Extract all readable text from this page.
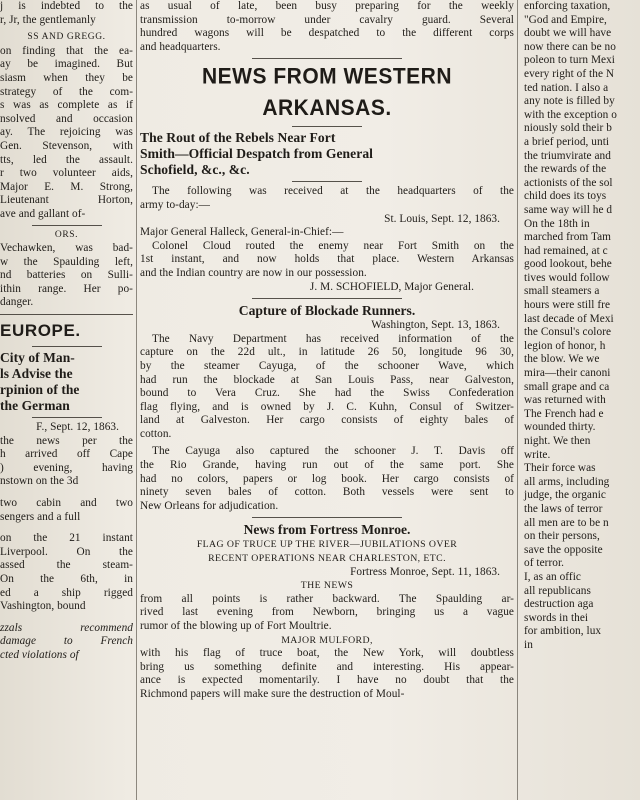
j is indebted to the
r, Jr, the gentlemanly
SS AND GREGG.
on finding that the ea-
ay be imagined. But
siasm when they be
strategy of the com-
s was as complete as if
nsolved and occasion
ay. The rejoicing was
Gen. Stevenson, with
tts, led the assault.
r two volunteer aids,
Major E. M. Strong,
Lieutenant Horton,
ave and gallant of-
ORS.
Vechawken, was bad-
w the Spaulding left,
nd batteries on Sulli-
ithin range. Her po-
danger.
EUROPE.
City of Man-
ls Advise the
rpinion of the
the German
F., Sept. 12, 1863.
the news per the
h arrived off Cape
) evening, having
nstown on the 3d
two cabin and two
sengers and a full
on the 21 instant
Liverpool. On the
assed the steam-
On the 6th, in
ed a ship rigged
Vashington, bound
zzals recommend
damage to French
cted violations of
as usual of late, been busy preparing for the weekly
transmission to-morrow under cavalry guard. Several
hundred wagons will be despatched to the different corps
and headquarters.
NEWS FROM WESTERN ARKANSAS.
The Rout of the Rebels Near Fort
Smith—Official Despatch from General
Schofield, &c., &c.
The following was received at the headquarters of the
army to-day:—
St. Louis, Sept. 12, 1863.
Major General Halleck, General-in-Chief:—
Colonel Cloud routed the enemy near Fort Smith on the
1st instant, and now holds that place. Western Arkansas
and the Indian country are now in our possession.
J. M. SCHOFIELD, Major General.
Capture of Blockade Runners.
Washington, Sept. 13, 1863.
The Navy Department has received information of the
capture on the 22d ult., in latitude 26 50, longitude 96 30,
by the steamer Cayuga, of the schooner Wave, which
had run the blockade at San Louis Pass, near Galveston,
bound to Vera Cruz. She had the Swiss Confederation
flag flying, and is owned by J. C. Kuhn, Consul of Switzer-
land at Galveston. Her cargo consists of eighty bales of
cotton.
The Cayuga also captured the schooner J. T. Davis off
the Rio Grande, having run out of the same port. She
had no colors, papers or log book. Her cargo consists of
ninety seven bales of cotton. Both vessels were sent to
New Orleans for adjudication.
News from Fortress Monroe.
FLAG OF TRUCE UP THE RIVER—JUBILATIONS OVER
RECENT OPERATIONS NEAR CHARLESTON, ETC.
Fortress Monroe, Sept. 11, 1863.
THE NEWS
from all points is rather backward. The Spaulding ar-
rived last evening from Newborn, bringing us a vague
rumor of the blowing up of Fort Moultrie.
MAJOR MULFORD,
with his flag of truce boat, the New York, will doubtless
bring us something definite and interesting. His appear-
ance is expected momentarily. I have no doubt that the
Richmond papers will make sure the destruction of Moul-
enforcing taxation,
"God and Empire,
doubt we will have
now there can be no
poleon to turn Mexi
every right of the N
ted nation. I also a
any note is filled by
with the exception o
niously sold their b
a brief period, unti
the triumvirate and
the rewards of the
actionists of the sol
child does its toys
same way will he d
On the 18th in
marched from Tam
had remained, at c
good lookout, behe
tives would follow
small steamers a
hours were still fre
last decade of Mexi
the Consul's colore
legion of honor, h
the blow. We we
mira—their canoni
small grape and ca
was returned with
The French had e
wounded thirty.
night. We then
write.
Their force was
all arms, including
judge, the organic
the laws of terror
all men are to be n
on their persons,
save the opposite
of terror.
I, as an offic
all republicans
destruction aga
swords in thei
for ambition, lux
in
